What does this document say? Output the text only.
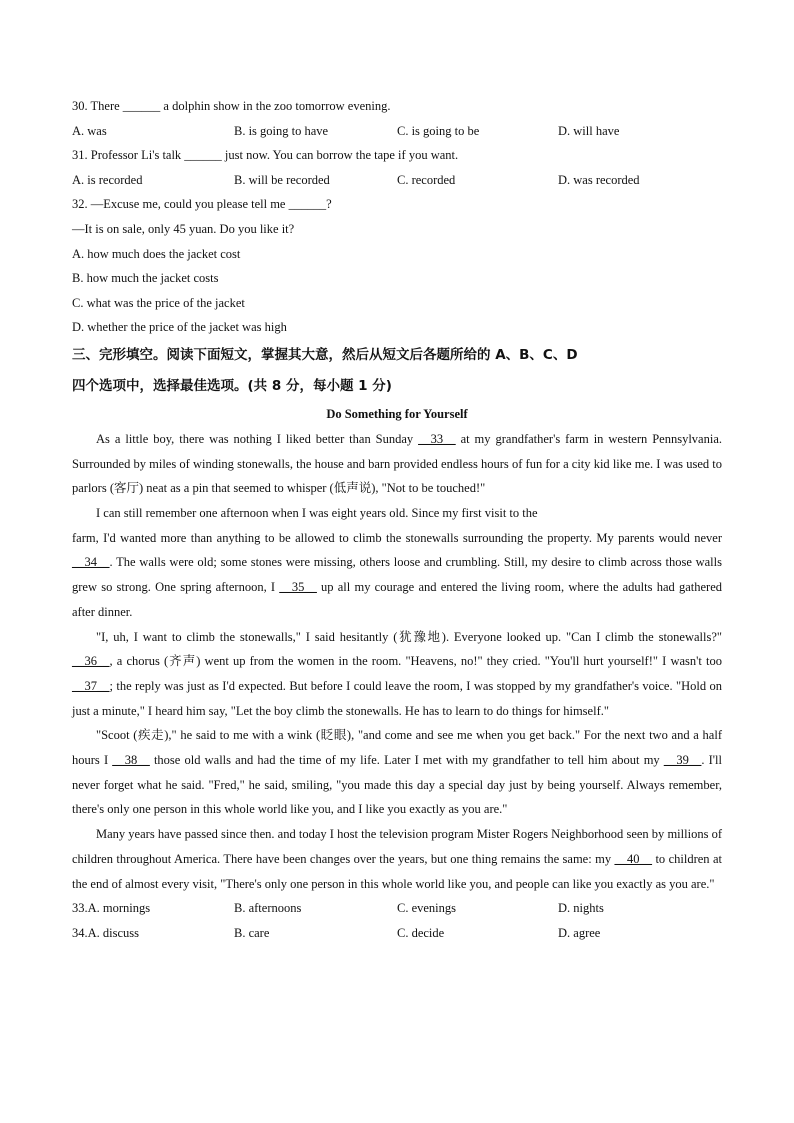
30. There ______ a dolphin show in the zoo tomorrow evening.
A. was	B. is going to have	C. is going to be	D. will have
31. Professor Li's talk ______ just now. You can borrow the tape if you want.
A. is recorded	B. will be recorded	C. recorded	D. was recorded
32. —Excuse me, could you please tell me ______?
—It is on sale, only 45 yuan. Do you like it?
A. how much does the jacket cost
B. how much the jacket costs
C. what was the price of the jacket
D. whether the price of the jacket was high
三、完形填空。阅读下面短文，掌握其大意，然后从短文后各题所给的 A、B、C、D
四个选项中，选择最佳选项。(共 8 分，每小题 1 分)
Do Something for Yourself

As a little boy, there was nothing I liked better than Sunday __33__ at my grandfather's farm in western Pennsylvania. Surrounded by miles of winding stonewalls, the house and barn provided endless hours of fun for a city kid like me. I was used to parlors (客厅) neat as a pin that seemed to whisper (低声说), "Not to be touched!"

I can still remember one afternoon when I was eight years old. Since my first visit to the

farm, I'd wanted more than anything to be allowed to climb the stonewalls surrounding the property. My parents would never __34__. The walls were old; some stones were missing, others loose and crumbling. Still, my desire to climb across those walls grew so strong. One spring afternoon, I __35__ up all my courage and entered the living room, where the adults had gathered after dinner.

"I, uh, I want to climb the stonewalls," I said hesitantly (犹豫地). Everyone looked up. "Can I climb the stonewalls?" __36__, a chorus (齐声) went up from the women in the room. "Heavens, no!" they cried. "You'll hurt yourself!" I wasn't too __37__; the reply was just as I'd expected. But before I could leave the room, I was stopped by my grandfather's voice. "Hold on just a minute," I heard him say, "Let the boy climb the stonewalls. He has to learn to do things for himself."

"Scoot (疾走)," he said to me with a wink (眨眼), "and come and see me when you get back." For the next two and a half hours I __38__ those old walls and had the time of my life. Later I met with my grandfather to tell him about my __39__. I'll never forget what he said. "Fred," he said, smiling, "you made this day a special day just by being yourself. Always remember, there's only one person in this whole world like you, and I like you exactly as you are."

Many years have passed since then. and today I host the television program Mister Rogers Neighborhood seen by millions of children throughout America. There have been changes over the years, but one thing remains the same: my __40__ to children at the end of almost every visit, "There's only one person in this whole world like you, and people can like you exactly as you are."

33.A. mornings	B. afternoons	C. evenings	D. nights
34.A. discuss	B. care	C. decide	D. agree
